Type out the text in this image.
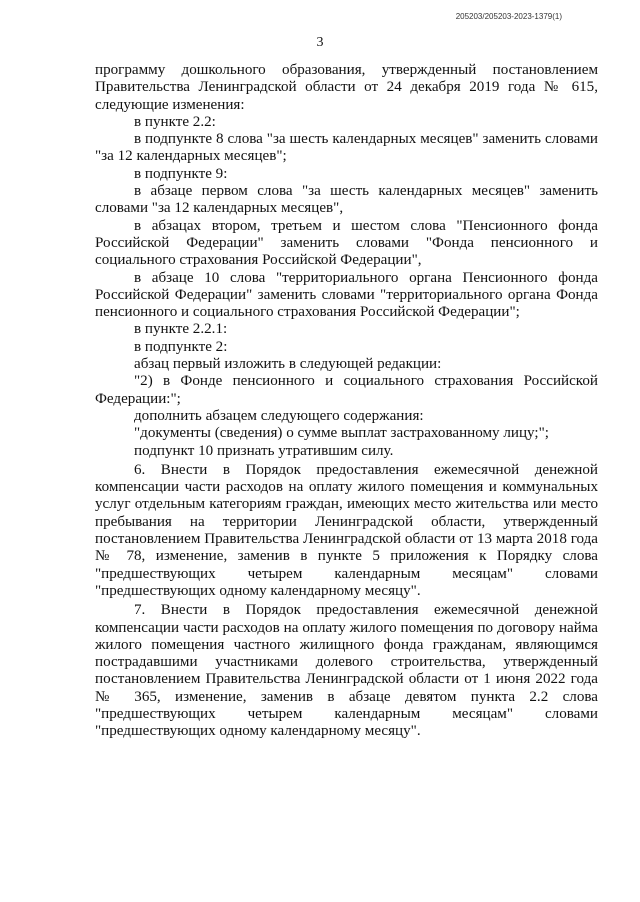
205203/205203-2023-1379(1)
3

программу дошкольного образования, утвержденный постановлением Правительства Ленинградской области от 24 декабря 2019 года № 615, следующие изменения:

в пункте 2.2:

в подпункте 8 слова "за шесть календарных месяцев" заменить словами "за 12 календарных месяцев";

в подпункте 9:

в абзаце первом слова "за шесть календарных месяцев" заменить словами "за 12 календарных месяцев",

в абзацах втором, третьем и шестом слова "Пенсионного фонда Российской Федерации" заменить словами "Фонда пенсионного и социального страхования Российской Федерации",

в абзаце 10 слова "территориального органа Пенсионного фонда Российской Федерации" заменить словами "территориального органа Фонда пенсионного и социального страхования Российской Федерации";

в пункте 2.2.1:

в подпункте 2:

абзац первый изложить в следующей редакции:

"2) в Фонде пенсионного и социального страхования Российской Федерации:";

дополнить абзацем следующего содержания:

"документы (сведения) о сумме выплат застрахованному лицу;";

подпункт 10 признать утратившим силу.

6. Внести в Порядок предоставления ежемесячной денежной компенсации части расходов на оплату жилого помещения и коммунальных услуг отдельным категориям граждан, имеющих место жительства или место пребывания на территории Ленинградской области, утвержденный постановлением Правительства Ленинградской области от 13 марта 2018 года № 78, изменение, заменив в пункте 5 приложения к Порядку слова "предшествующих четырем календарным месяцам" словами "предшествующих одному календарному месяцу".

7. Внести в Порядок предоставления ежемесячной денежной компенсации части расходов на оплату жилого помещения по договору найма жилого помещения частного жилищного фонда гражданам, являющимся пострадавшими участниками долевого строительства, утвержденный постановлением Правительства Ленинградской области от 1 июня 2022 года № 365, изменение, заменив в абзаце девятом пункта 2.2 слова "предшествующих четырем календарным месяцам" словами "предшествующих одному календарному месяцу".
